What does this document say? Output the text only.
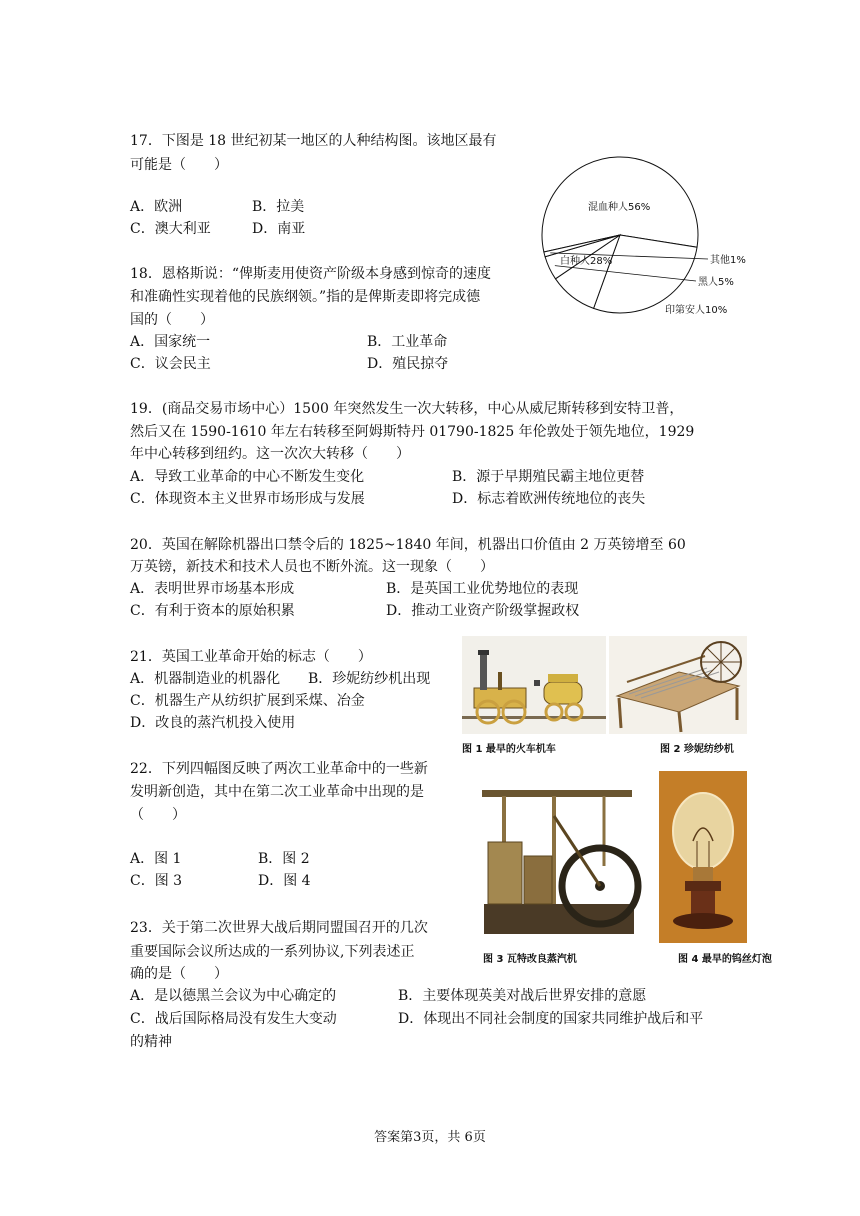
17．下图是 18 世纪初某一地区的人种结构图。该地区最有
可能是（　　）
A．欧洲	B．拉美
C．澳大利亚	D．南亚
混血种人56%
白种人28%
印第安人10%
黑人5%
其他1%
18．恩格斯说：“俾斯麦用使资产阶级本身感到惊奇的速度
和准确性实现着他的民族纲领。”指的是俾斯麦即将完成德
国的（　　）
A．国家统一	B．工业革命
C．议会民主	D．殖民掠夺
19．(商品交易市场中心）1500 年突然发生一次大转移，中心从威尼斯转移到安特卫普，
然后又在 1590-1610 年左右转移至阿姆斯特丹 01790-1825 年伦敦处于领先地位，1929
年中心转移到纽约。这一次次大转移（　　）
A．导致工业革命的中心不断发生变化	B．源于早期殖民霸主地位更替
C．体现资本主义世界市场形成与发展	D．标志着欧洲传统地位的丧失
20．英国在解除机器出口禁令后的 1825~1840 年间，机器出口价值由 2 万英镑增至 60
万英镑，新技术和技术人员也不断外流。这一现象（　　）
A．表明世界市场基本形成	B．是英国工业优势地位的表现
C．有利于资本的原始积累	D．推动工业资产阶级掌握政权
21．英国工业革命开始的标志（　　）
A．机器制造业的机器化 B．珍妮纺纱机出现
C．机器生产从纺织扩展到采煤、冶金
D．改良的蒸汽机投入使用
22．下列四幅图反映了两次工业革命中的一些新
发明新创造，其中在第二次工业革命中出现的是
（　　）
A．图 1	B．图 2
C．图 3	D．图 4
23．关于第二次世界大战后期同盟国召开的几次
重要国际会议所达成的一系列协议,下列表述正
确的是（　　）
A．是以德黑兰会议为中心确定的	B．主要体现英美对战后世界安排的意愿
C．战后国际格局没有发生大变动	D．体现出不同社会制度的国家共同维护战后和平
的精神
图 1 最早的火车机车	图 2 珍妮纺纱机
图 3 瓦特改良蒸汽机	图 4 最早的钨丝灯泡
答案第3页，共 6页
